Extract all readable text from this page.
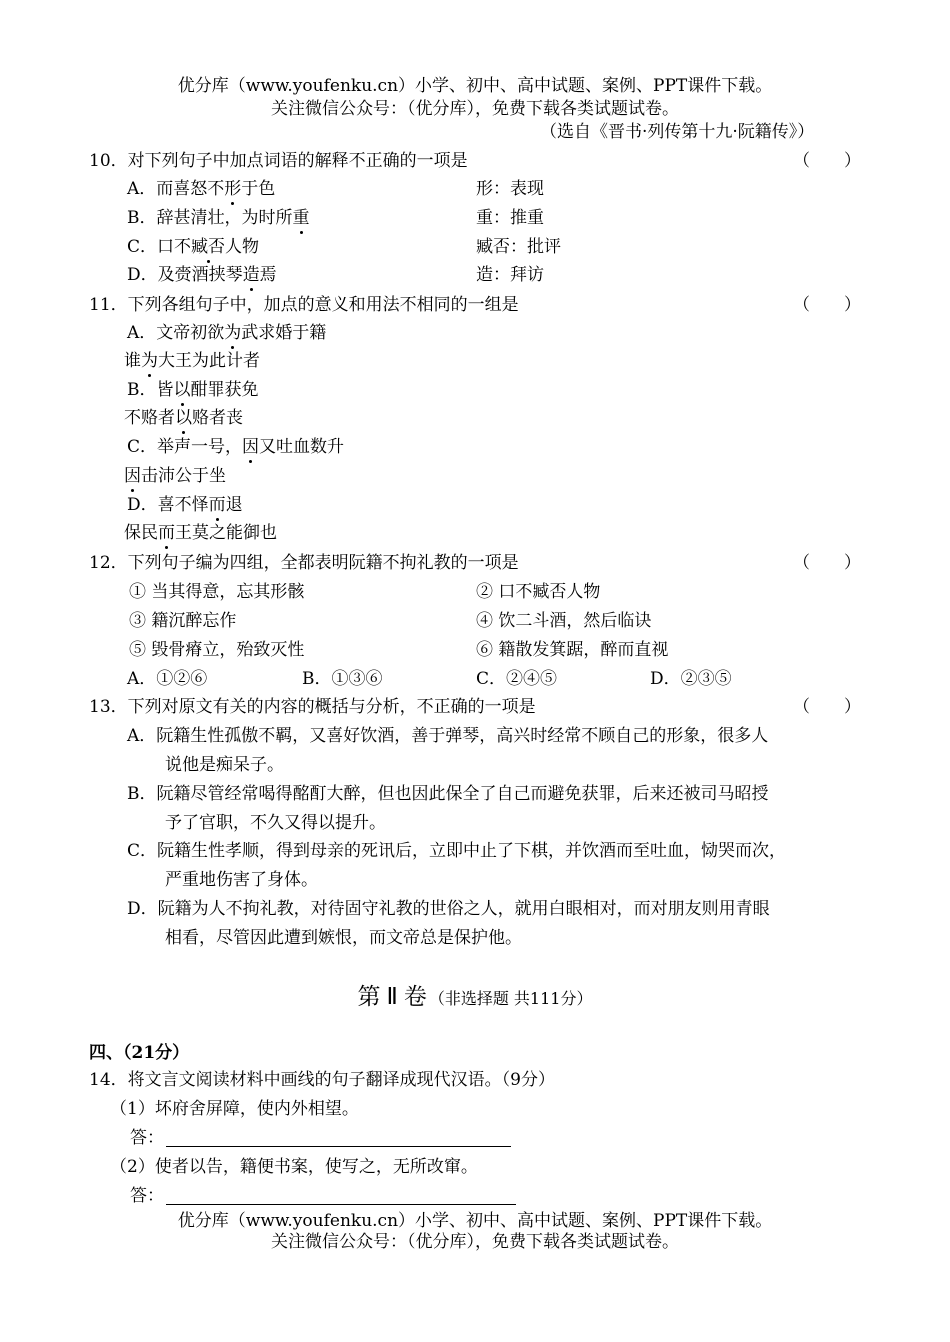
优分库（www.youfenku.cn）小学、初中、高中试题、案例、PPT课件下载。
关注微信公众号：（优分库），免费下载各类试题试卷。
（选自《晋书·列传第十九·阮籍传》）
10．对下列句子中加点词语的解释不正确的一项是	（　　）
A．而喜怒不形于色	形：表现
B．辞甚清壮，为时所重	重：推重
C．口不臧否人物	臧否：批评
D．及赍酒挟琴造焉	造：拜访
11．下列各组句子中，加点的意义和用法不相同的一组是	（　　）
A．文帝初欲为武求婚于籍
谁为大王为此计者
B．皆以酣罪获免
不赂者以赂者丧
C．举声一号，因又吐血数升
因击沛公于坐
D．喜不怿而退
保民而王莫之能御也
12．下列句子编为四组，全都表明阮籍不拘礼教的一项是	（　　）
① 当其得意，忘其形骸	② 口不臧否人物
③ 籍沉醉忘作	④ 饮二斗酒，然后临诀
⑤ 毁骨瘠立，殆致灭性	⑥ 籍散发箕踞，醉而直视
A．①②⑥	B．①③⑥	C．②④⑤	D．②③⑤
13．下列对原文有关的内容的概括与分析，不正确的一项是	（　　）
A．阮籍生性孤傲不羁，又喜好饮酒，善于弹琴，高兴时经常不顾自己的形象，很多人
说他是痴呆子。
B．阮籍尽管经常喝得酩酊大醉，但也因此保全了自己而避免获罪，后来还被司马昭授
予了官职，不久又得以提升。
C．阮籍生性孝顺，得到母亲的死讯后，立即中止了下棋，并饮酒而至吐血，恸哭而次，
严重地伤害了身体。
D．阮籍为人不拘礼教，对待固守礼教的世俗之人，就用白眼相对，而对朋友则用青眼
相看，尽管因此遭到嫉恨，而文帝总是保护他。
第 Ⅱ 卷（非选择题 共111分）
四、（21分）
14．将文言文阅读材料中画线的句子翻译成现代汉语。（9分）
（1）坏府舍屏障，使内外相望。
答：
（2）使者以告，籍便书案，使写之，无所改窜。
答：
优分库（www.youfenku.cn）小学、初中、高中试题、案例、PPT课件下载。
关注微信公众号：（优分库），免费下载各类试题试卷。
